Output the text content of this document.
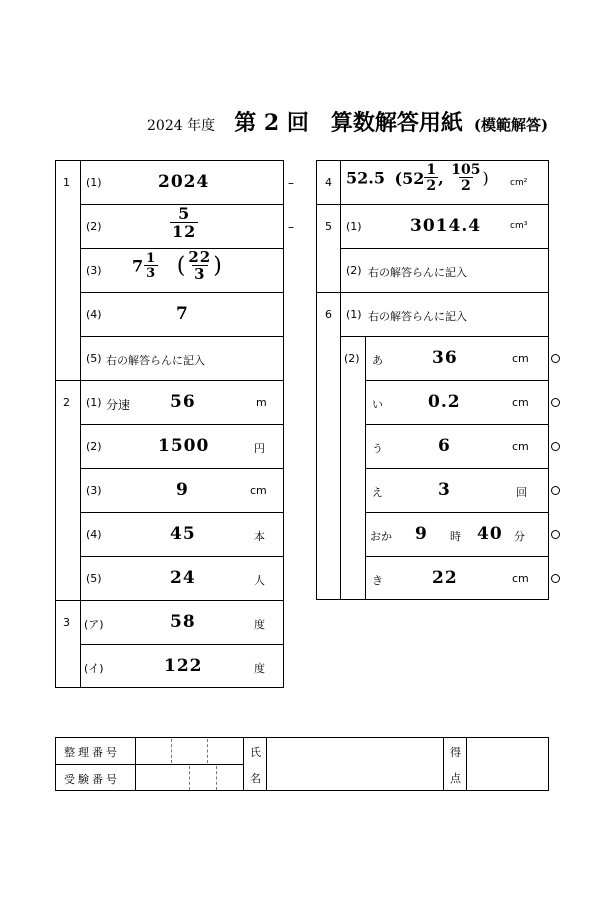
2024 年度 第 2 回　算数解答用紙 (模範解答)
1 (1)	2024
(2)	$\frac{5}{12}$
(3) $7 \frac{1}{3}$ ( $\frac{22}{3}$ )
(4)	7
(5) 右の解答らんに記入
2 (1) 分速 56	m
(2)	1500	円
(3)	9	cm
(4)	45	本
(5)	24	人
3 (ア)	58	度
(イ)	122	度
–
–
4 52.5 ($52 \frac{1}{2}$ , $\frac{105}{2}$ ) cm²
5 (1)	3014.4	cm³
(2) 右の解答らんに記入
6 (1) 右の解答らんに記入
(2) あ	36	cm
い	0.2	cm
う	6	cm
え	3	回
おか 9 時 40 分
き	22	cm
整理番号
受験番号
氏
名
得
点
